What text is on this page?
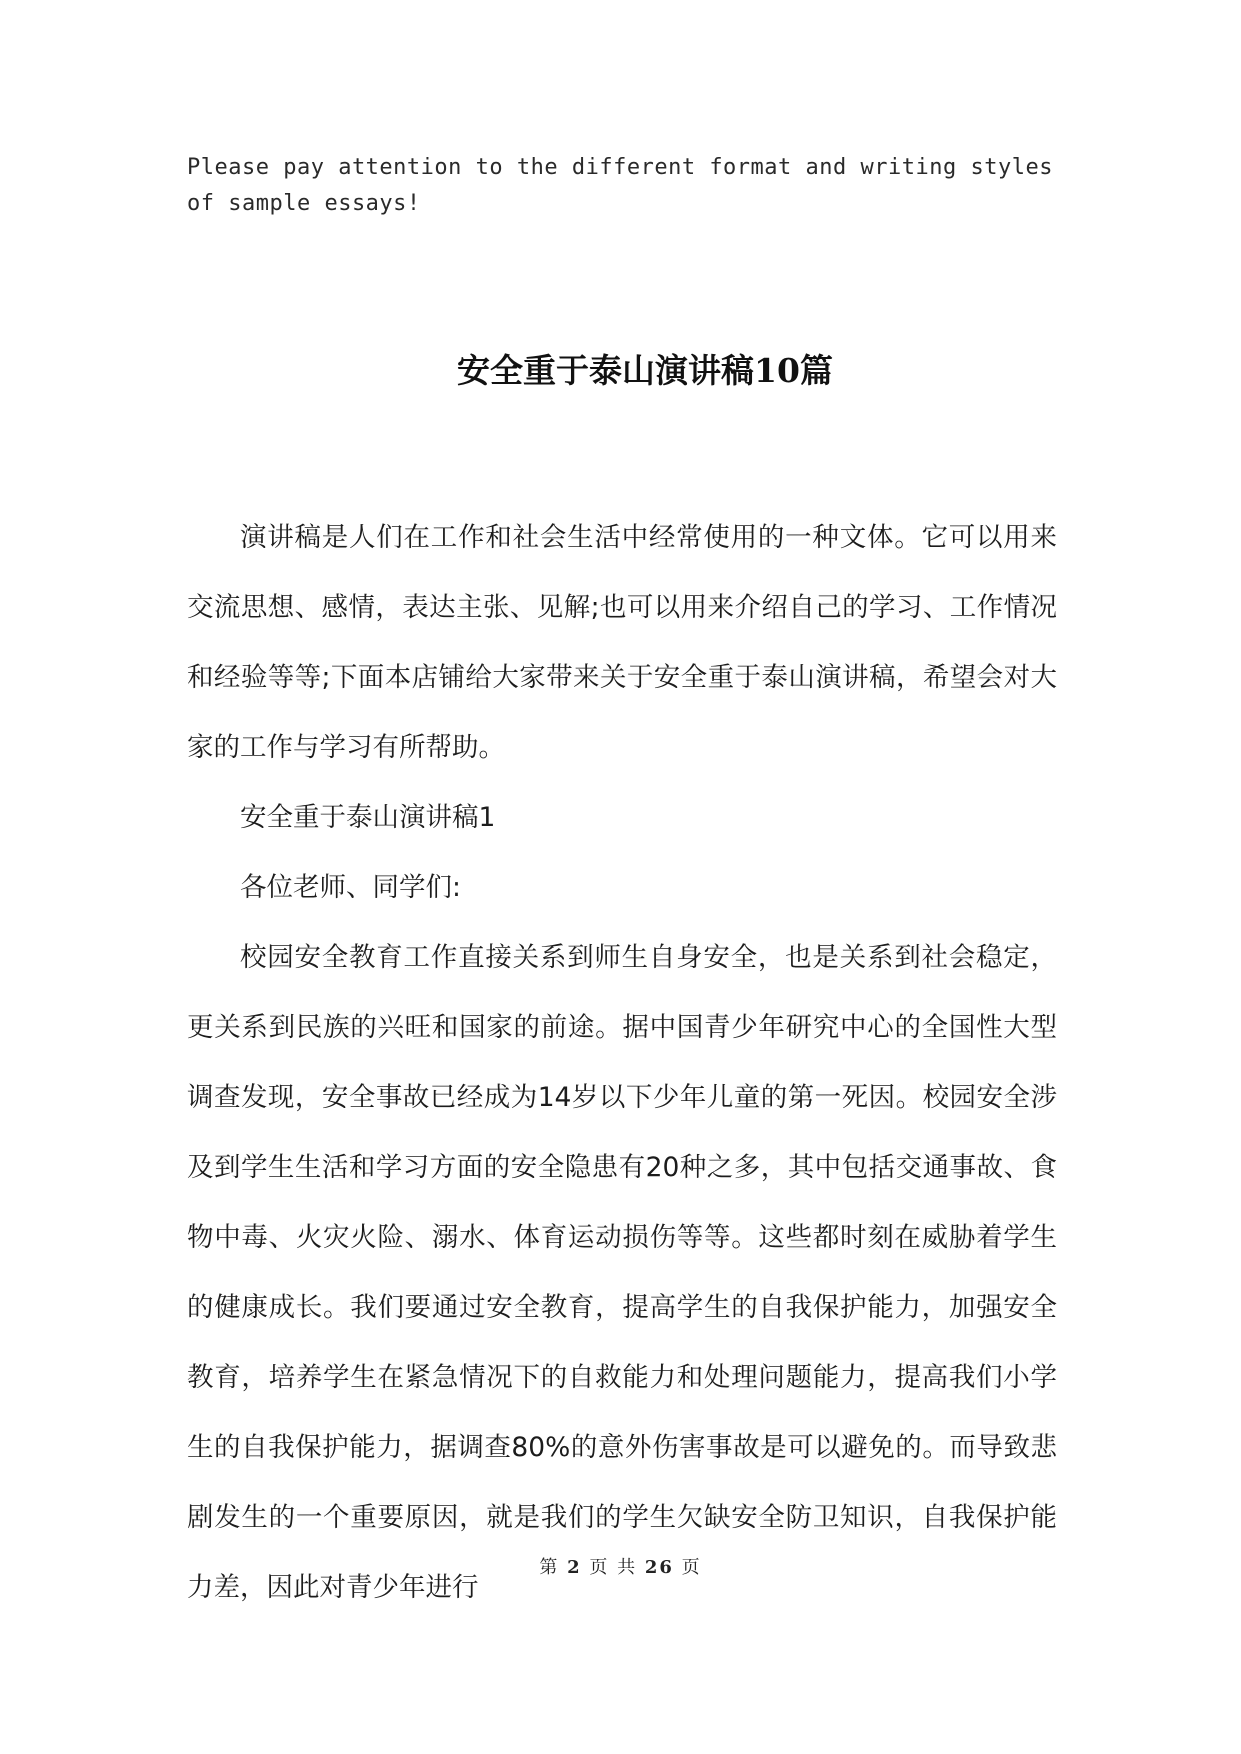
Please pay attention to the different format and writing styles of sample essays!
安全重于泰山演讲稿10篇

演讲稿是人们在工作和社会生活中经常使用的一种文体。它可以用来交流思想、感情，表达主张、见解;也可以用来介绍自己的学习、工作情况和经验等等;下面本店铺给大家带来关于安全重于泰山演讲稿，希望会对大家的工作与学习有所帮助。

安全重于泰山演讲稿1

各位老师、同学们:

校园安全教育工作直接关系到师生自身安全，也是关系到社会稳定，更关系到民族的兴旺和国家的前途。据中国青少年研究中心的全国性大型调查发现，安全事故已经成为14岁以下少年儿童的第一死因。校园安全涉及到学生生活和学习方面的安全隐患有20种之多，其中包括交通事故、食物中毒、火灾火险、溺水、体育运动损伤等等。这些都时刻在威胁着学生的健康成长。我们要通过安全教育，提高学生的自我保护能力，加强安全教育，培养学生在紧急情况下的自救能力和处理问题能力，提高我们小学生的自我保护能力，据调查80%的意外伤害事故是可以避免的。而导致悲剧发生的一个重要原因，就是我们的学生欠缺安全防卫知识，自我保护能力差，因此对青少年进行

第 2 页 共 26 页
